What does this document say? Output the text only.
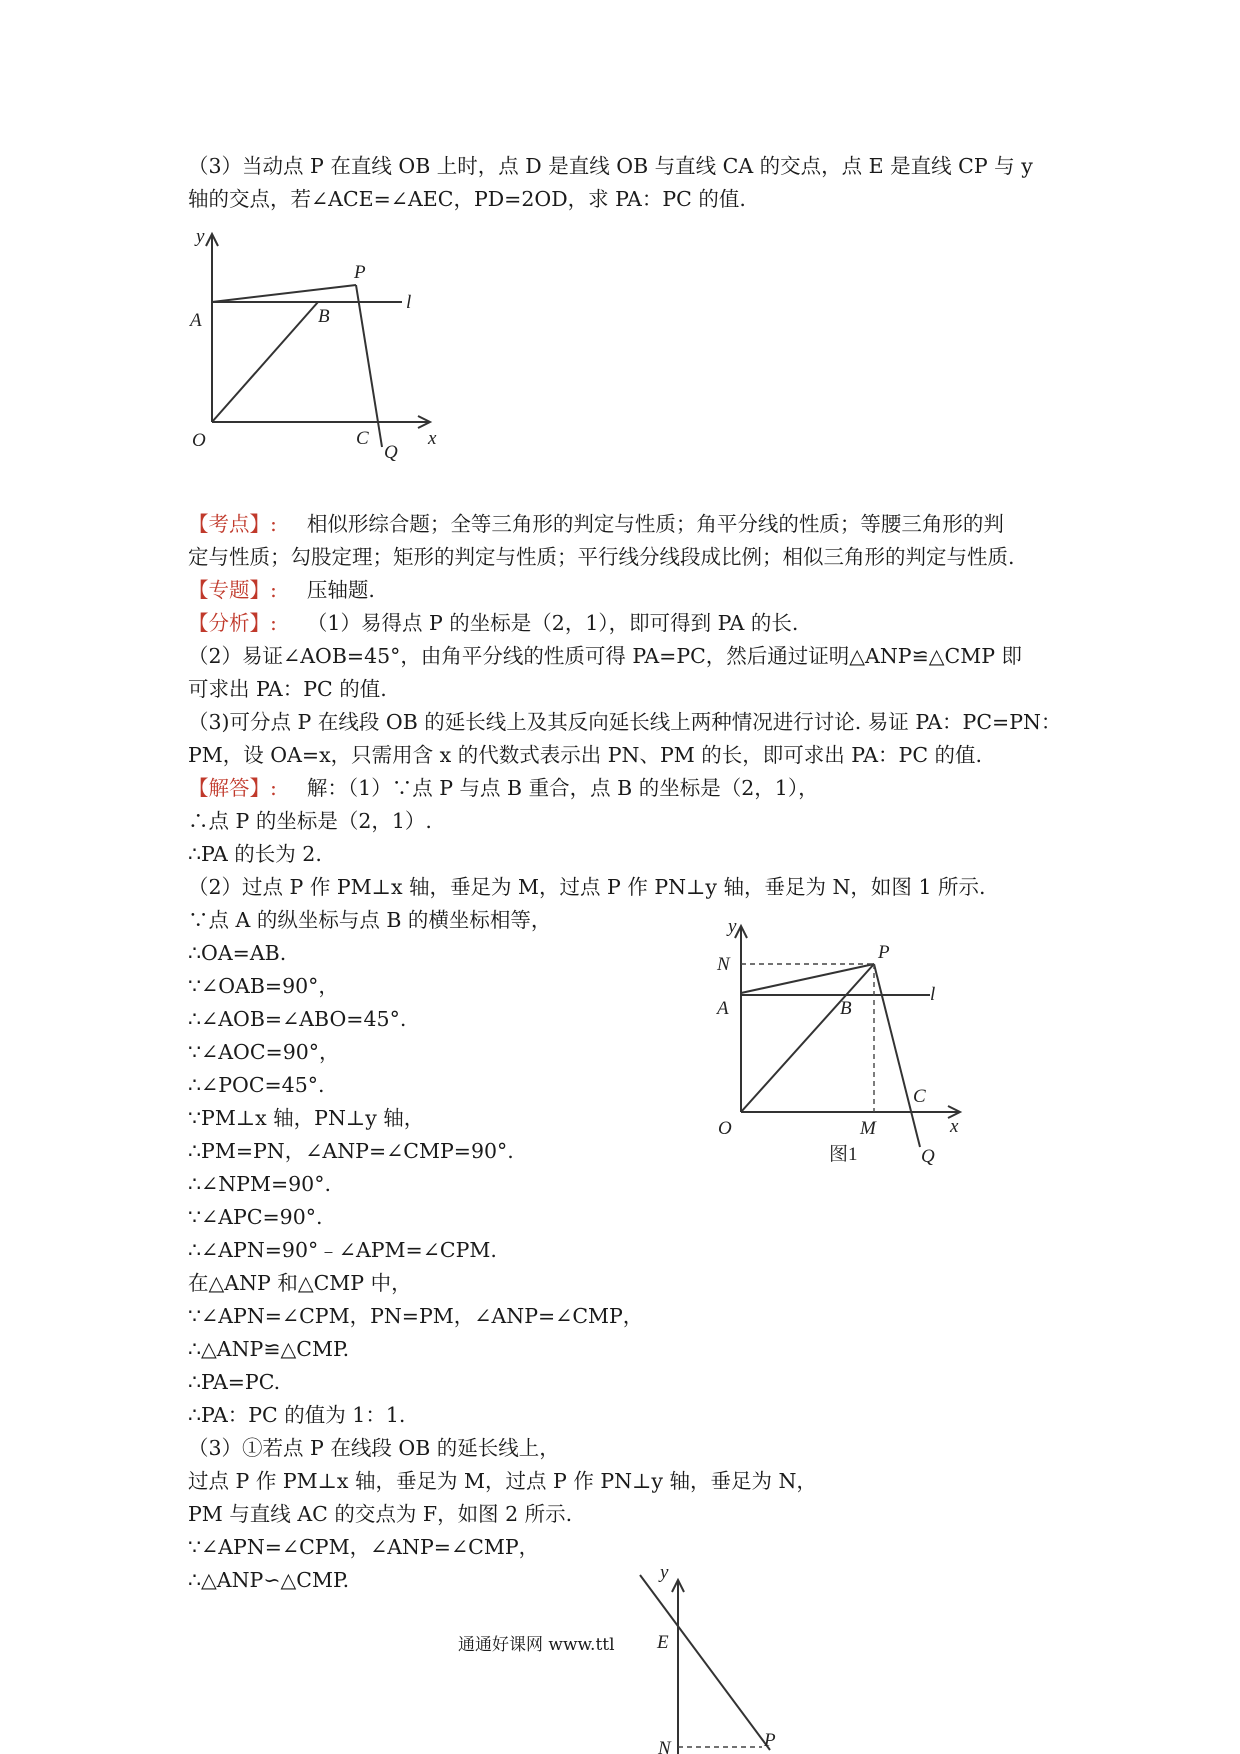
（3）当动点 P 在直线 OB 上时，点 D 是直线 OB 与直线 CA 的交点，点 E 是直线 CP 与 y
轴的交点，若∠ACE=∠AEC，PD=2OD，求 PA：PC 的值.
y
P
A	B
l
O	C	x
Q
y
N
P
A	B
l
C
O	M	x
Q
图1
y
E
N	P
【考点】: 相似形综合题；全等三角形的判定与性质；角平分线的性质；等腰三角形的判
定与性质；勾股定理；矩形的判定与性质；平行线分线段成比例；相似三角形的判定与性质.
【专题】: 压轴题.
【分析】: （1）易得点 P 的坐标是（2，1），即可得到 PA 的长.
（2）易证∠AOB=45°，由角平分线的性质可得 PA=PC，然后通过证明△ANP≌△CMP 即
可求出 PA：PC 的值.
（3)可分点 P 在线段 OB 的延长线上及其反向延长线上两种情况进行讨论. 易证 PA：PC=PN：
PM，设 OA=x，只需用含 x 的代数式表示出 PN、PM 的长，即可求出 PA：PC 的值.
【解答】: 解：（1）∵点 P 与点 B 重合，点 B 的坐标是（2，1），
∴点 P 的坐标是（2，1）.
∴PA 的长为 2.
（2）过点 P 作 PM⊥x 轴，垂足为 M，过点 P 作 PN⊥y 轴，垂足为 N，如图 1 所示.
∵点 A 的纵坐标与点 B 的横坐标相等，
∴OA=AB.
∵∠OAB=90°，
∴∠AOB=∠ABO=45°.
∵∠AOC=90°，
∴∠POC=45°.
∵PM⊥x 轴，PN⊥y 轴，
∴PM=PN，∠ANP=∠CMP=90°.
∴∠NPM=90°.
∵∠APC=90°.
∴∠APN=90°﹣∠APM=∠CPM.
在△ANP 和△CMP 中，
∵∠APN=∠CPM，PN=PM，∠ANP=∠CMP，
∴△ANP≌△CMP.
∴PA=PC.
∴PA：PC 的值为 1：1.
（3）①若点 P 在线段 OB 的延长线上，
过点 P 作 PM⊥x 轴，垂足为 M，过点 P 作 PN⊥y 轴，垂足为 N，
PM 与直线 AC 的交点为 F，如图 2 所示.
∵∠APN=∠CPM，∠ANP=∠CMP，
∴△ANP∽△CMP.
通通好课网 www.ttl
